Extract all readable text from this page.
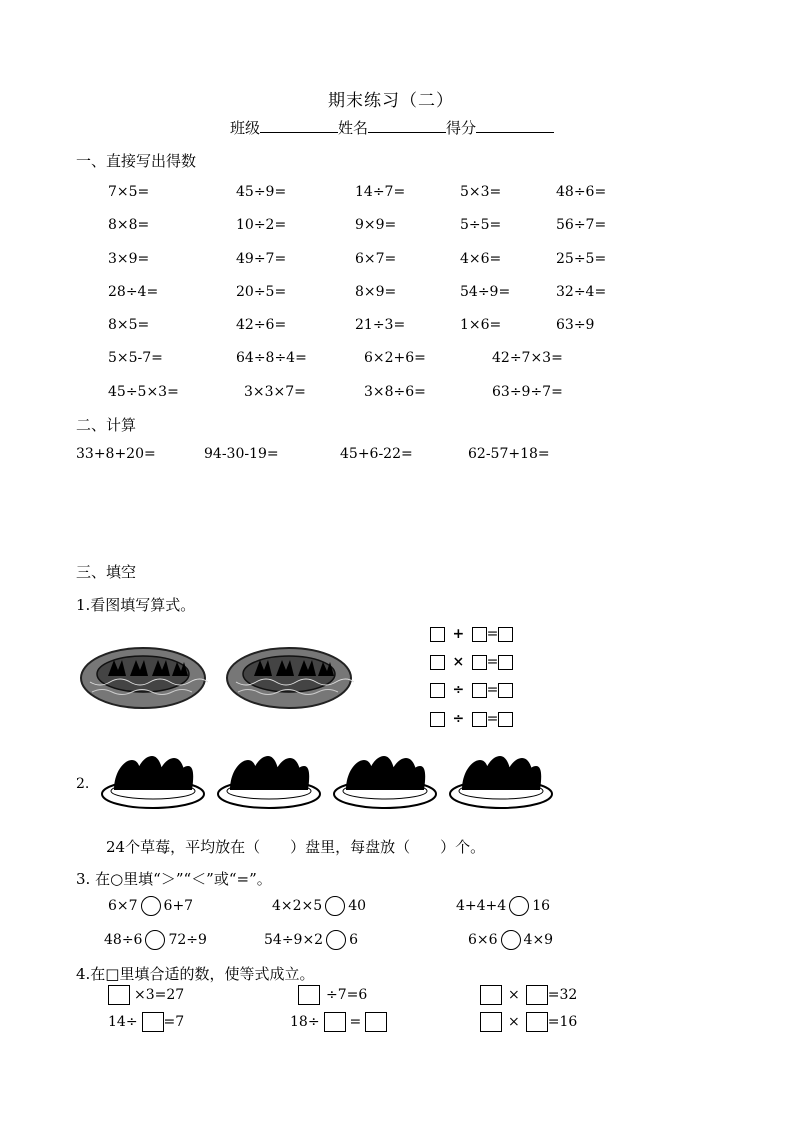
期末练习（二）
班级	姓名	得分
一、直接写出得数
7×5=	45÷9=	14÷7=	5×3=	48÷6=
8×8=	10÷2=	9×9=	5÷5=	56÷7=
3×9=	49÷7=	6×7=	4×6=	25÷5=
28÷4=	20÷5=	8×9=	54÷9=	32÷4=
8×5=	42÷6=	21÷3=	1×6=	63÷9
5×5-7=	64÷8÷4=	6×2+6=	42÷7×3=
45÷5×3=	3×3×7=	3×8÷6=	63÷9÷7=
二、计算
33+8+20=	94-30-19=	45+6-22=	62-57+18=
三、填空
1.看图填写算式。
+ =
× =
÷ =
÷ =
2.
24个草莓，平均放在（　　）盘里，每盘放（　　）个。
3. 在○里填“＞”“＜”或“=”。
6×7 6+7	4×2×5 40	4+4+4 16
48÷6 72÷9	54÷9×2 6	6×6 4×9
4.在□里填合适的数，使等式成立。
×3=27	÷7=6	× =32
14÷ =7	18÷ =	× =16
